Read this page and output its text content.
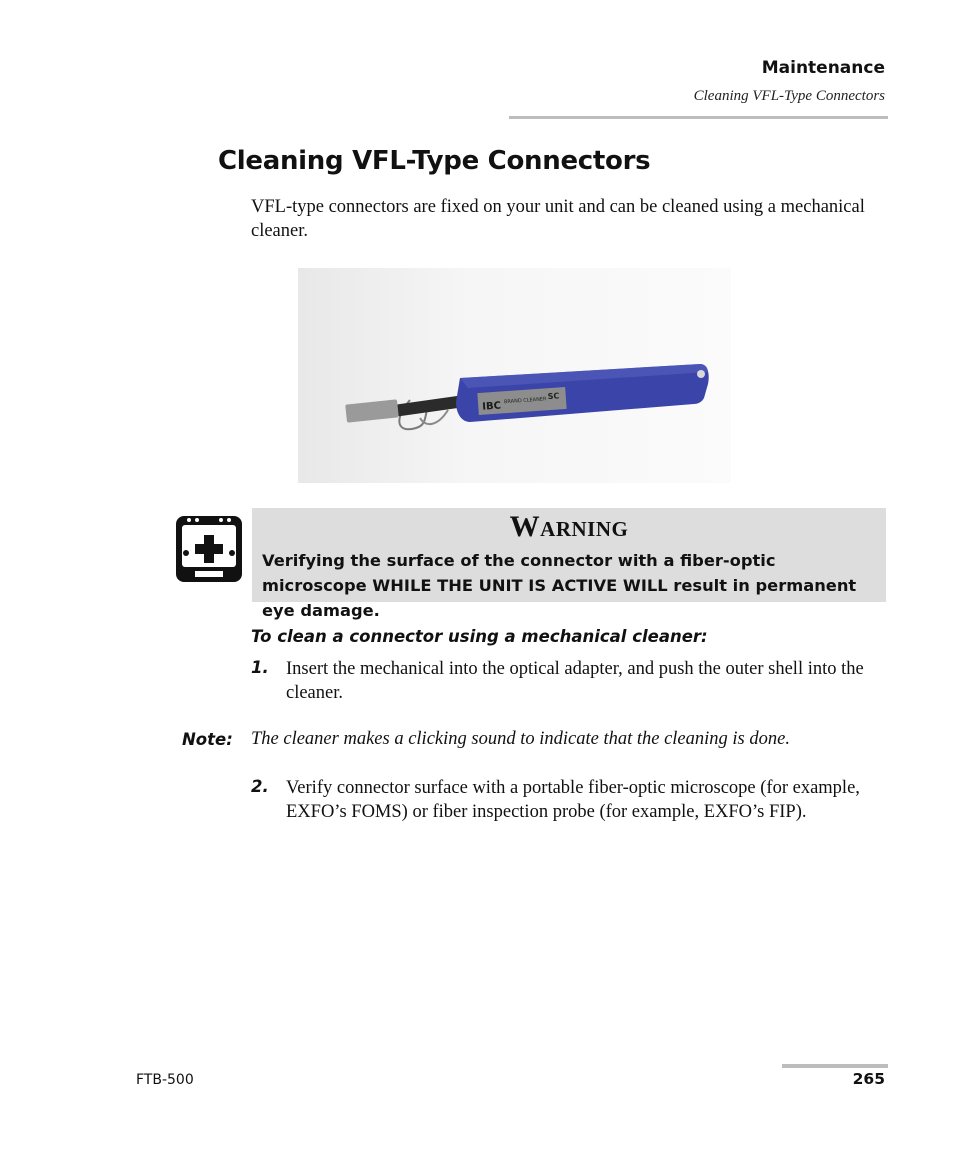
Maintenance
Cleaning VFL-Type Connectors
Cleaning VFL-Type Connectors
VFL-type connectors are fixed on your unit and can be cleaned using a mechanical cleaner.
IBC BRAND CLEANER SC
Warning
Verifying the surface of the connector with a fiber-optic microscope WHILE THE UNIT IS ACTIVE WILL result in permanent eye damage.
To clean a connector using a mechanical cleaner:
1. Insert the mechanical into the optical adapter, and push the outer shell into the cleaner.
Note: The cleaner makes a clicking sound to indicate that the cleaning is done.
2. Verify connector surface with a portable fiber-optic microscope (for example, EXFO’s FOMS) or fiber inspection probe (for example, EXFO’s FIP).
FTB-500	265
